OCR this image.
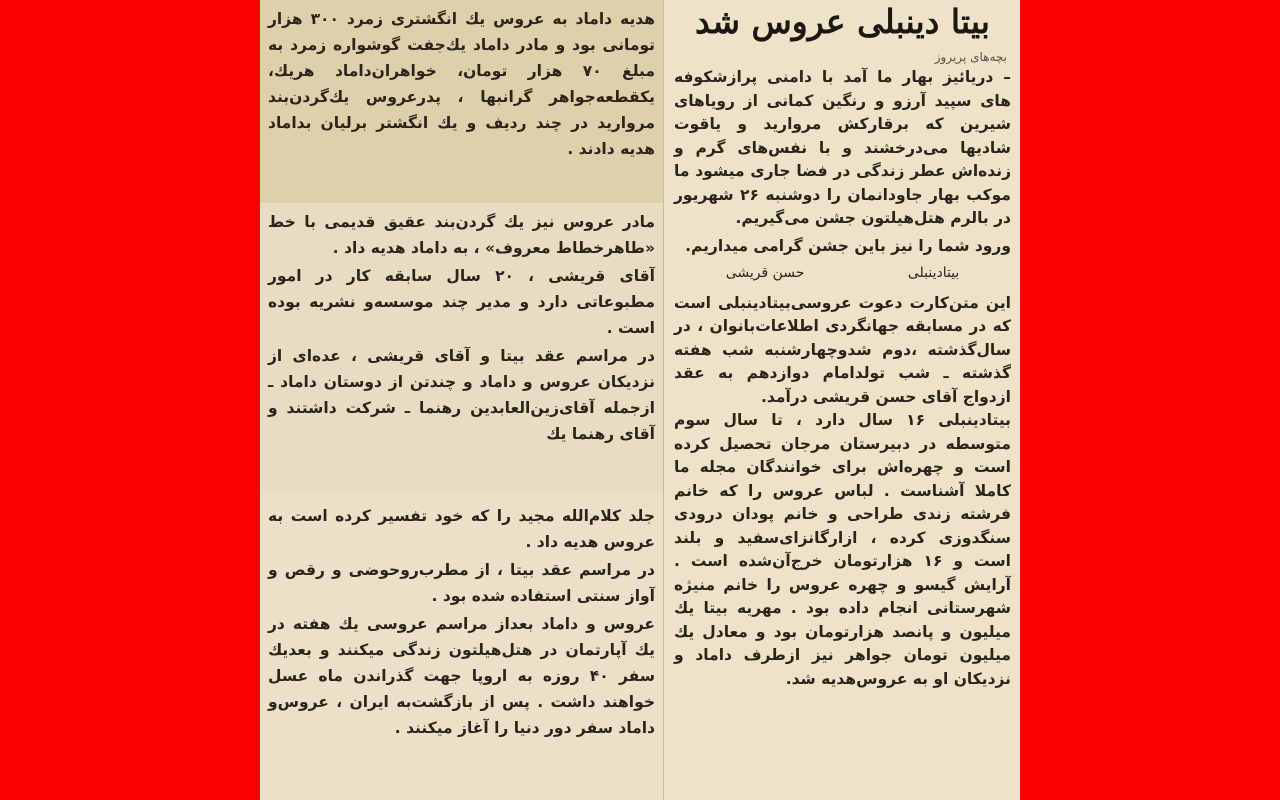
هدیه داماد به عروس یك انگشتری زمرد ۳۰۰ هزار تومانی بود و مادر داماد یك‌جفت گوشواره زمرد به مبلغ ۷۰ هزار تومان، خواهران‌داماد هریك، یکقطعه‌جواهر گرانبها ، پدرعروس یك‌گردن‌بند مروارید در چند ردیف و یك انگشتر برلیان بداماد هدیه دادند .

مادر عروس نیز یك گردن‌بند عقیق قدیمی با خط «طاهرخطاط معروف» ، به داماد هدیه داد .

آقای قریشی ، ۲۰ سال سابقه کار در امور مطبوعاتی دارد و مدیر چند موسسه‌و نشریه بوده است .

در مراسم عقد بیتا و آقای قریشی ، عده‌ای از نزدیکان عروس و داماد و چندتن از دوستان داماد ـ ازجمله آقای‌زین‌العابدین رهنما ـ شرکت داشتند و آقای رهنما یك

جلد کلام‌الله مجید را که خود تفسیر کرده است به عروس هدیه داد .

در مراسم عقد بیتا ، از مطرب‌روحوضی و رقص و آواز سنتی استفاده شده بود .

عروس و داماد بعداز مراسم عروسی یك هفته در یك آپارتمان در هتل‌هیلتون زندگی میکنند و بعدیك سفر ۴۰ روزه به اروپا جهت گذراندن ماه عسل خواهند داشت . پس از بازگشت‌به ایران ، عروس‌و داماد سفر دور دنیا را آغاز میکنند .

بیتا دینبلی عروس شد
بچه‌های پریروز

– دریائیز بهار ما آمد با دامنی پرازشکوفه های سپید آرزو و رنگین کمانی از رویاهای شیرین که برقارکش مروارید و یاقوت شادیها می‌درخشند و با نفس‌های گرم و زنده‌اش عطر زندگی در فضا جاری میشود ما موکب بهار جاودانمان را دوشنبه ۲۶ شهریور در بالرم هتل‌هیلتون جشن می‌گیریم.

ورود شما را نیز باین جشن گرامی میداریم.

بیتادینبلی
حسن قریشی

این متن‌کارت دعوت عروسی‌بیتادینبلی است که در مسابقه جهانگردی اطلاعات‌بانوان ، در سال‌گذشته ،دوم شدوچهارشنبه شب هفته گذشته ـ شب تولدامام دوازدهم‌ به عقد ازدواج آقای حسن قریشی درآمد.

بیتادینبلی ۱۶ سال دارد ، تا سال سوم متوسطه در دبیرستان مرجان تحصیل کرده است و چهره‌اش برای خوانندگان مجله ما کاملا آشناست . لباس عروس را که خانم فرشته زندی طراحی و خانم پودان درودی سنگدوزی کرده ، ازارگانزای‌سفید و بلند است و ۱۶ هزارتومان خرج‌آن‌شده است . آرایش گیسو و چهره عروس را خانم منیژه شهرستانی انجام داده بود . مهریه بیتا یك میلیون و پانصد هزارتومان بود و معادل یك میلیون تومان جواهر نیز ازطرف داماد و نزدیکان او به عروس‌هدیه شد.
